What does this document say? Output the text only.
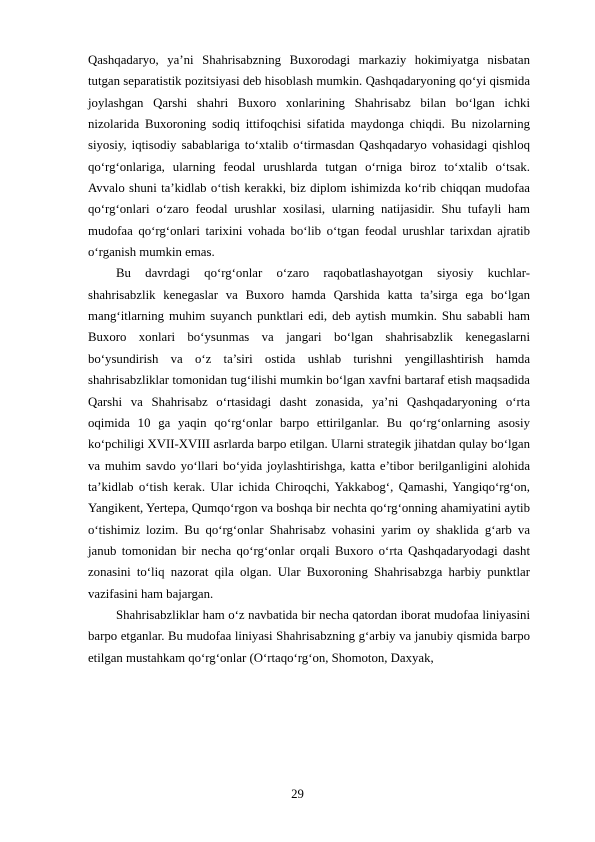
Qashqadaryo, ya’ni Shahrisabzning Buxorodagi markaziy hokimiyatga nisbatan tutgan separatistik pozitsiyasi deb hisoblash mumkin. Qashqadaryoning qo‘yi qismida joylashgan Qarshi shahri Buxoro xonlarining Shahrisabz bilan bo‘lgan ichki nizolarida Buxoroning sodiq ittifoqchisi sifatida maydonga chiqdi. Bu nizolarning siyosiy, iqtisodiy sabablariga to‘xtalib o‘tirmasdan Qashqadaryo vohasidagi qishloq qo‘rg‘onlariga, ularning feodal urushlarda tutgan o‘rniga biroz to‘xtalib o‘tsak. Avvalo shuni ta’kidlab o‘tish kerakki, biz diplom ishimizda ko‘rib chiqqan mudofaa qo‘rg‘onlari o‘zaro feodal urushlar xosilasi, ularning natijasidir. Shu tufayli ham mudofaa qo‘rg‘onlari tarixini vohada bo‘lib o‘tgan feodal urushlar tarixdan ajratib o‘rganish mumkin emas.

Bu davrdagi qo‘rg‘onlar o‘zaro raqobatlashayotgan siyosiy kuchlar-shahrisabzlik kenegaslar va Buxoro hamda Qarshida katta ta’sirga ega bo‘lgan mang‘itlarning muhim suyanch punktlari edi, deb aytish mumkin. Shu sababli ham Buxoro xonlari bo‘ysunmas va jangari bo‘lgan shahrisabzlik kenegaslarni bo‘ysundirish va o‘z ta’siri ostida ushlab turishni yengillashtirish hamda shahrisabzliklar tomonidan tug‘ilishi mumkin bo‘lgan xavfni bartaraf etish maqsadida Qarshi va Shahrisabz o‘rtasidagi dasht zonasida, ya’ni Qashqadaryoning o‘rta oqimida 10 ga yaqin qo‘rg‘onlar barpo ettirilganlar. Bu qo‘rg‘onlarning asosiy ko‘pchiligi XVII-XVIII asrlarda barpo etilgan. Ularni strategik jihatdan qulay bo‘lgan va muhim savdo yo‘llari bo‘yida joylashtirishga, katta e’tibor berilganligini alohida ta’kidlab o‘tish kerak. Ular ichida Chiroqchi, Yakkabog‘, Qamashi, Yangiqo‘rg‘on, Yangikent, Yertepa, Qumqo‘rgon va boshqa bir nechta qo‘rg‘onning ahamiyatini aytib o‘tishimiz lozim. Bu qo‘rg‘onlar Shahrisabz vohasini yarim oy shaklida g‘arb va janub tomonidan bir necha qo‘rg‘onlar orqali Buxoro o‘rta Qashqadaryodagi dasht zonasini to‘liq nazorat qila olgan. Ular Buxoroning Shahrisabzga harbiy punktlar vazifasini ham bajargan.

Shahrisabzliklar ham o‘z navbatida bir necha qatordan iborat mudofaa liniyasini barpo etganlar. Bu mudofaa liniyasi Shahrisabzning g‘arbiy va janubiy qismida barpo etilgan mustahkam qo‘rg‘onlar (O‘rtaqo‘rg‘on, Shomoton, Daxyak,

29
